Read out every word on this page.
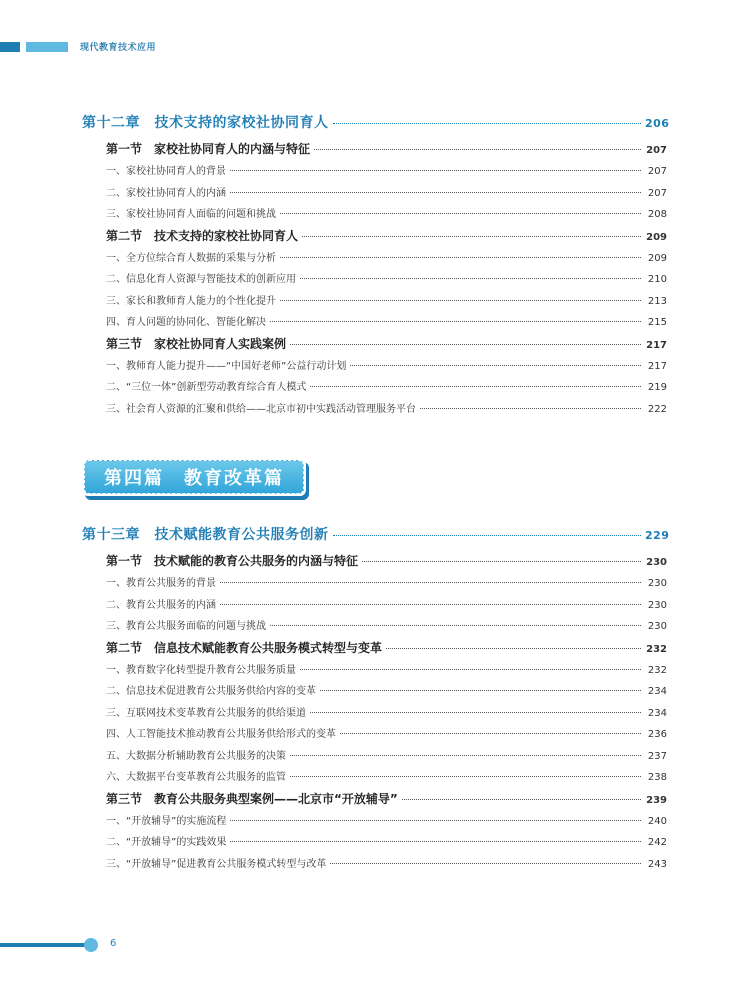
现代教育技术应用
第十二章　技术支持的家校社协同育人	206
第一节　家校社协同育人的内涵与特征	207
一、家校社协同育人的背景	207
二、家校社协同育人的内涵	207
三、家校社协同育人面临的问题和挑战	208
第二节　技术支持的家校社协同育人	209
一、全方位综合育人数据的采集与分析	209
二、信息化育人资源与智能技术的创新应用	210
三、家长和教师育人能力的个性化提升	213
四、育人问题的协同化、智能化解决	215
第三节　家校社协同育人实践案例	217
一、教师育人能力提升——“中国好老师”公益行动计划	217
二、“三位一体”创新型劳动教育综合育人模式	219
三、社会育人资源的汇聚和供给——北京市初中实践活动管理服务平台	222
第四篇　教育改革篇
第十三章　技术赋能教育公共服务创新	229
第一节　技术赋能的教育公共服务的内涵与特征	230
一、教育公共服务的背景	230
二、教育公共服务的内涵	230
三、教育公共服务面临的问题与挑战	230
第二节　信息技术赋能教育公共服务模式转型与变革	232
一、教育数字化转型提升教育公共服务质量	232
二、信息技术促进教育公共服务供给内容的变革	234
三、互联网技术变革教育公共服务的供给渠道	234
四、人工智能技术推动教育公共服务供给形式的变革	236
五、大数据分析辅助教育公共服务的决策	237
六、大数据平台变革教育公共服务的监管	238
第三节　教育公共服务典型案例——北京市“开放辅导”	239
一、“开放辅导”的实施流程	240
二、“开放辅导”的实践效果	242
三、“开放辅导”促进教育公共服务模式转型与改革	243
6
